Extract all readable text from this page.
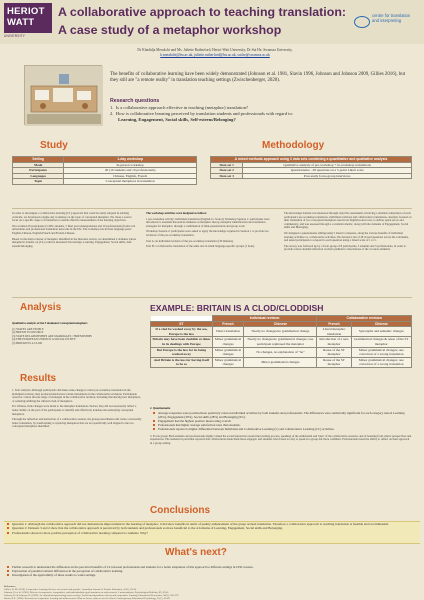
HERIOT
WATT
UNIVERSITY
A collaborative approach to teaching translation:
A case study of a metaphor workshop
centre for translation and interpreting
Dr Khadidja Merakchi and Ms. Juliette Rutherford, Heriot-Watt University, Dr Sui He, Swansea University,
k.merakchi@hw.ac.uk, juliette.rutherford@hw.ac.uk, sui.he@swansea.ac.uk
The benefits of collaborative learning have been widely demonstrated (Johnson et al. 1981, Slavin 1996, Johnson and Johnson 2009, Gillies 2016), but they still are "a remote reality" in translation teaching settings (Zwischenberger, 2020).
Research questions
1.  Is a collaborative approach effective in teaching (metaphor) translation?
2.  How is collaborative learning perceived by translation students and professionals with regard to:
Learning, Engagement, Social skills, Self-esteem/Belonging?
Study
Setting	1-day workshop
Mode	In-person workshop
Participants	20 (10 students and 10 professionals)
Languages	Chinese, English, French
Topic	Conceptual metaphors in translation
Methodology
A mixed methods approach using 3 data sets combining a quantitative and qualitative analysis	
Data set 1	Qualitative analysis of pre-workshop + in-workshop translations
Data set 2	Questionnaire - 28 questions on a 5-point Likert scale
Data set 3	Post-study focus-group interviews

In order to investigate a collaborative learning (CL) approach that could be easily adopted in existing curricula, we developed a single-day workshop on the topic of conceptual metaphor. We chose a source focus on a specific aspect of translation to enable effective measurement of the learning objectives.

We recruited 20 participants (5 MSc students, 5 final year undergraduates and 10 professionals) from local universities and professional translation networks in the UK. The workshop ran in three language pairs: English-Chinese, English-French and French-Chinese.

Based on the main contrast of metaphor identified in the literature review, we determined 2 domains whose metaphoric transfer on (CL) could be measured: Knowledge, Learning, Engagement, Social skills, Self-esteem/belonging.

The workshop activities were designed as follows:

1 pre-workshop activity: individual translation (English vs. Source) Workshop Session 1: participants were introduced to essential theoretical elements on metaphor theory, metaphor identification and translation strategies for metaphor, through a combination of mini-presentations and group work.

Workshop Session 2: participants were asked to apply the knowledge acquired in Session 1 to provide two revisions of the pre-workshop translation.

Text A: an individual revision of the pre-workshop translation (30 minutes).

Text B: a collaborative translation of the same text in small language-specific groups (1 hour).

The knowledge domain was measured through objective assessment, involving a detailed comparison of each participant's pre-workshop translation, individual revisions and collaborative translations. Analysis focused on their translation of two conceptual metaphors used in an English source text, to deliver quick errors and commentary, and was assessed through a correlation metric, along with the domains of Engagement, Social skills and Belonging.

We designed a questionnaire aiming using 5 Likert to measure, along the various benefits of individual learning activities vs. collaborative activities. We devised a list of 28 closed questions across the 4 domains, and asked participants to respond to each question using a Likert scale of 1 to 5.

The survey was followed up by a focus group of 8 participants, 5 students and 3 professionals, in order to provide a more detailed reflection on their qualitative observations of the 4 course elements.

Analysis

Qualitative analysis of the 5 dominant Conceptual metaphors

(1) STATES ARE PEOPLE

(2) BREXIT IS DIVORCE

(3) STATE RELATIONSHIPS ARE MARRIAGES / FRIENDSHIPS

(4) THE EUROPEAN UNION IS A SOCIAL ENTITY

(5) BRITAIN IS A CLOD

EXAMPLE: BRITAIN IS A CLOD/CLODDISH
	Individual revision		Collaborative revision	
ST	French	Chinese	French	Chinese
If a clod be washed away by the sea, Europe is the less	Direct translation	Nearly no changes/no grammatical change	Literal metaphor translation	Synonyms and semantic changes
Britain may have been cloddish at times in its dealings with Europe	Minor grammatical changes	Nearly no changes/no grammatical changes; one participant rephrased the metaphor	Introduction of a new metaphor	Grammatical changes & reuse of the ST metaphor
But Europe is the less for its being washed away	Minor grammatical changes	No changes, no explanation of "be"	Reuse of the ST metaphor	Minor grammatical changes; one correction of a wrong translation
And Britain is the less for having itself to be so	Minor grammatical changes	Minor grammatical changes	Reuse of the ST metaphor	Minor grammatical changes; one correction of a wrong translation
Results

1. Text analysis: Although participants did make some changes to their pre-workshop translation in the individual revision, they produced much more robust translations in the collaborative revisions. Participants opted for a more diverse range of strategies in the collaborative revision, including introducing new metaphors, or reducing/omitting the cultural clash of metaphors.

For Chinese, little changes were made to the metaphor translation choices; they did not necessarily reflect a better ability on the part of the participants to identify and effectively translate the underlying conceptual metaphors.

Through the reflection and interaction of a collaborative session, the groups nevertheless did create a noticeably better translation, by transforming or replacing metaphors that are not specifically well aligned to the two conceptual metaphors identified.

2. Questionnaire

Average responses were positive/more positively rated on individual activities by both students and professionals. The differences were statistically significant for each category tested: Learning (26%), Engagement (36%), Social skills (28%) and Belonging (9%).

Engagement had the highest positive mean rating overall.

Professionals had higher average satisfaction rates than students.

Professionals reported a higher differential between Individual and Collaborative Learning (L) and Collaborative Learning (CL) activities.

3. Focus group: Both students and professionals highly valued the social interaction around the learning process, speaking of the enthusiasm and 'buzz' of the collaborative sessions, and of learning from others' perspectives and experiences. The students in particular reported that collaboration made them more engaged, and students who'd been too shy to speak in a group felt more confident. Professionals noted the ability to reflect on their approach in a group setting.

Conclusions

Question 1: Although the collaborative approach did not demonstrate improvement in the learning of metaphor, it did show benefits in terms of quality enhancement of the group revised translation. Therefore a collaborative approach to teaching translation is feasible and recommended.

Question 2: Datasets 3 and 2 show that the collaborative approach is perceived by both students and professionals as more beneficial to the 4 domains of Learning, Engagement, Social skills and Belonging.

Professionals showed a more positive perception of collaborative learning compared to students. Why?

What's next?

Further research to understand the differences in the perceived benefits of CL between professionals and students for a better adaptation of this approach to different settings in CPD courses.

Exploration of potential cultural differences in the perception of collaborative learning.

Investigation of the applicability of these results to wider settings.

References

Gillies, R. M. (2016). Cooperative learning: Review of research and practice. Australian Journal of Teacher Education, 41(3), 39-54.

Johnson, D. et al. (1981). Effects of cooperative, competitive, and individualistic goal structures on achievement: A meta-analysis. Psychological Bulletin, 89, 47-62.

Johnson, D. & Johnson, R. (2009). An educational psychology success story: Social interdependence theory and cooperative learning. Educational Researcher, 38(5), 365-379.

Slavin, R.E. (1996). Research on cooperative learning and achievement: What we know, what we need to know. Contemporary Educational Psychology, 21(1), 43-69.
